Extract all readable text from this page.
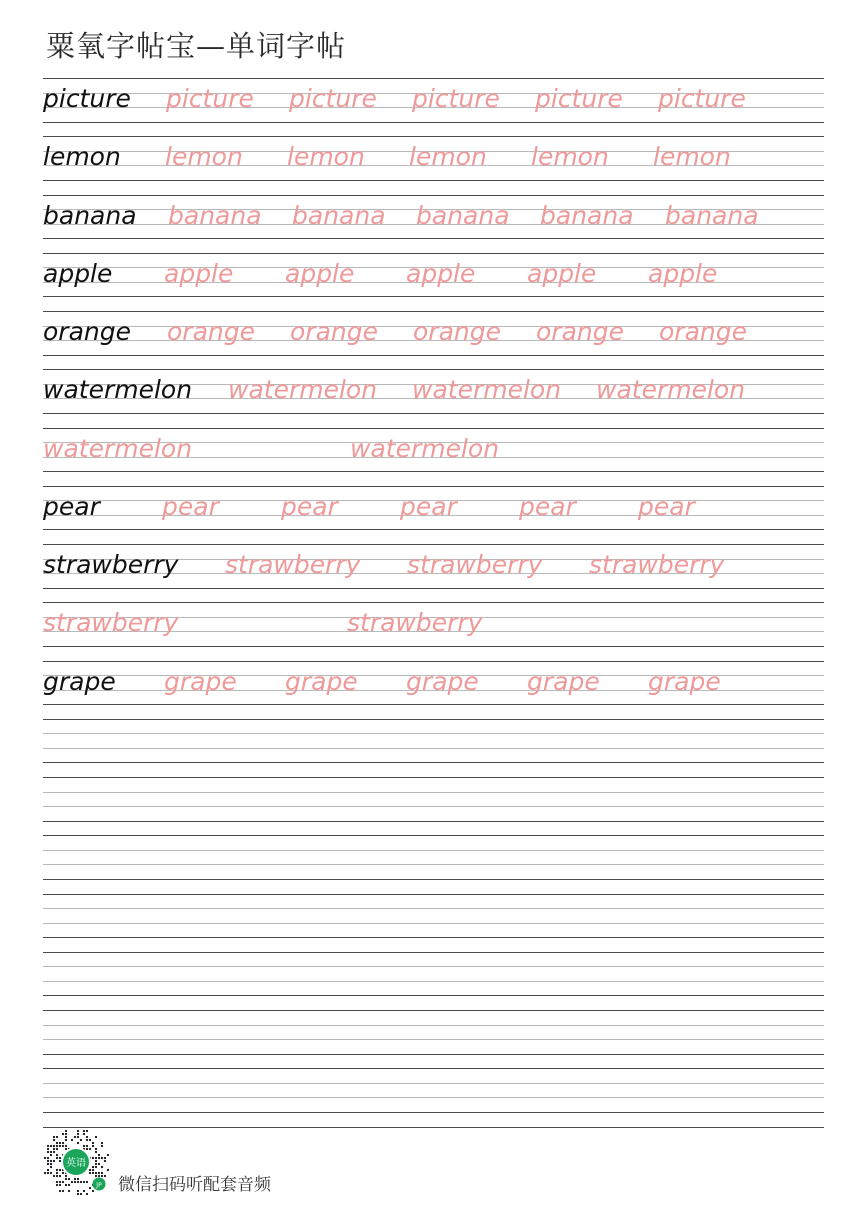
粟氧字帖宝—单词字帖
picture picture picture picture picture picture
lemon lemon lemon lemon lemon lemon
banana banana banana banana banana banana
apple apple apple apple apple apple
orange orange orange orange orange orange
watermelon watermelon watermelon watermelon
watermelon	watermelon
pear pear pear pear pear pear
strawberry strawberry strawberry strawberry
strawberry	strawberry
grape grape grape grape grape grape
英语
JP 微信扫码听配套音频
